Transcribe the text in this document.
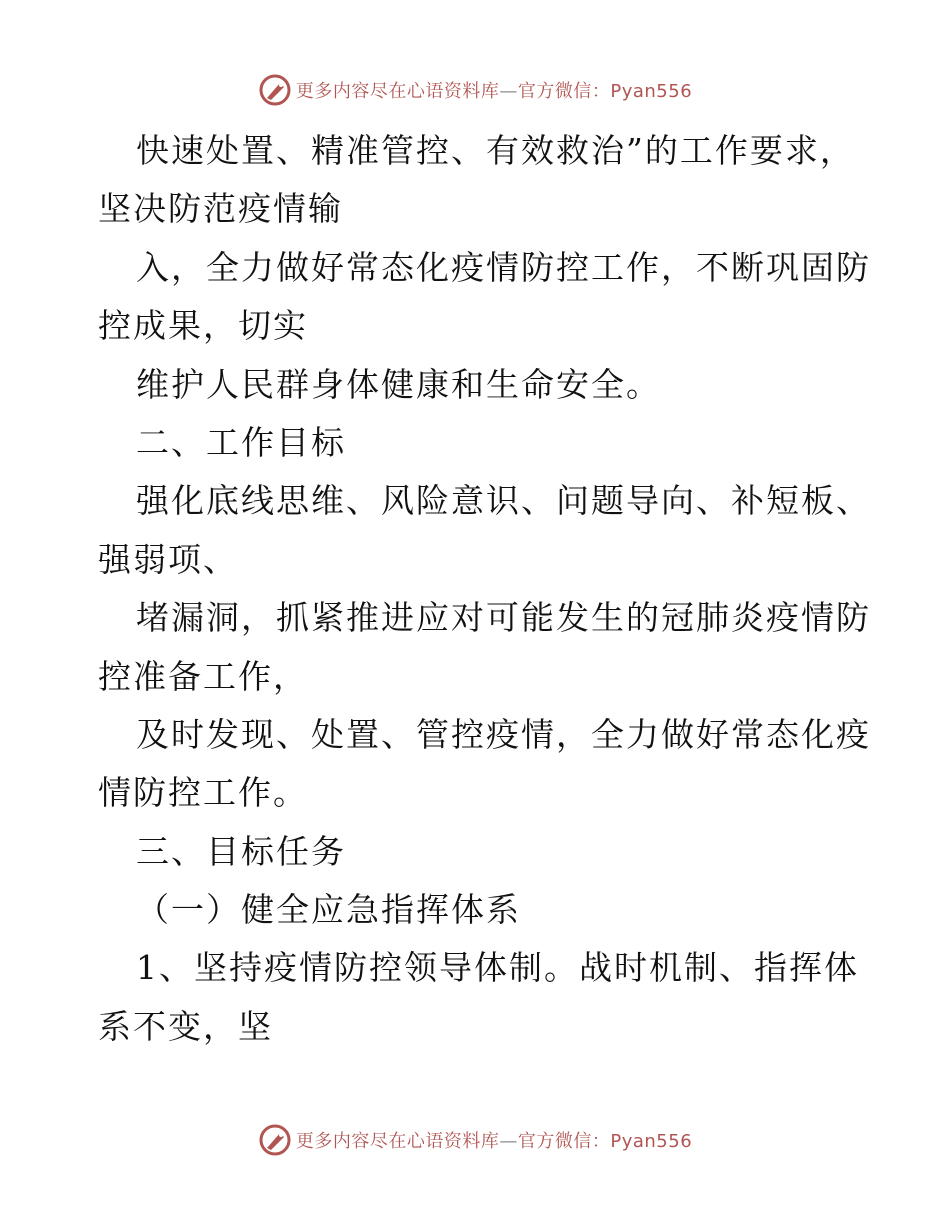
更多内容尽在心语资料库—官方微信：Pyan556
快速处置、精准管控、有效救治”的工作要求，
坚决防范疫情输
入，全力做好常态化疫情防控工作，不断巩固防
控成果，切实
维护人民群身体健康和生命安全。
二、工作目标
强化底线思维、风险意识、问题导向、补短板、
强弱项、
堵漏洞，抓紧推进应对可能发生的冠肺炎疫情防
控准备工作，
及时发现、处置、管控疫情，全力做好常态化疫
情防控工作。
三、目标任务
（一）健全应急指挥体系
1、坚持疫情防控领导体制。战时机制、指挥体
系不变，坚
更多内容尽在心语资料库—官方微信：Pyan556
